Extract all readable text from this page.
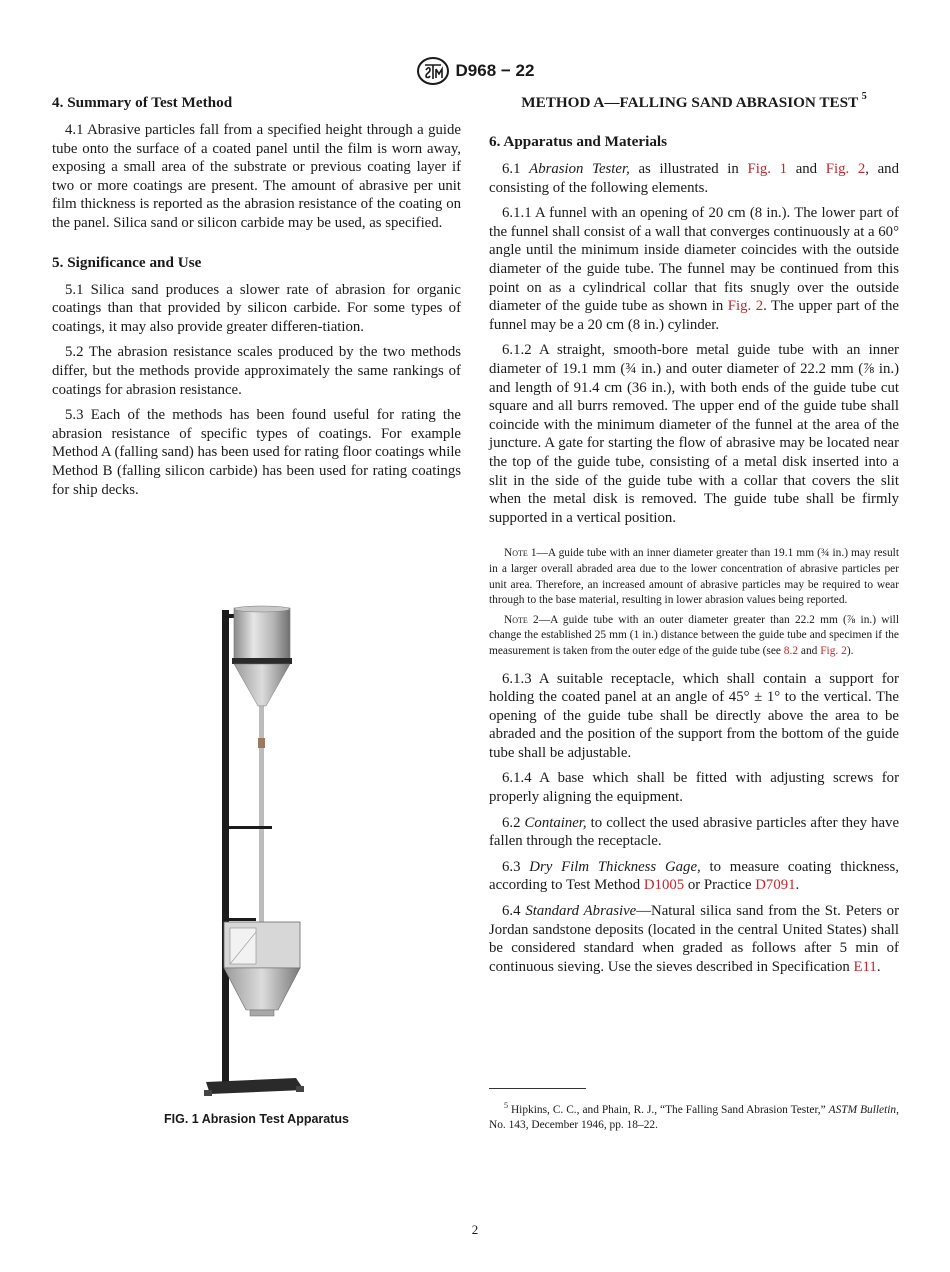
D968 − 22
4. Summary of Test Method

4.1 Abrasive particles fall from a specified height through a guide tube onto the surface of a coated panel until the film is worn away, exposing a small area of the substrate or previous coating layer if two or more coatings are present. The amount of abrasive per unit film thickness is reported as the abrasion resistance of the coating on the panel. Silica sand or silicon carbide may be used, as specified.

5. Significance and Use

5.1 Silica sand produces a slower rate of abrasion for organic coatings than that provided by silicon carbide. For some types of coatings, it may also provide greater differen-tiation.

5.2 The abrasion resistance scales produced by the two methods differ, but the methods provide approximately the same rankings of coatings for abrasion resistance.

5.3 Each of the methods has been found useful for rating the abrasion resistance of specific types of coatings. For example Method A (falling sand) has been used for rating floor coatings while Method B (falling silicon carbide) has been used for rating coatings for ship decks.

FIG. 1 Abrasion Test Apparatus
METHOD A—FALLING SAND ABRASION TEST $^5$
6. Apparatus and Materials

6.1 Abrasion Tester, as illustrated in Fig. 1 and Fig. 2, and consisting of the following elements.

6.1.1 A funnel with an opening of 20 cm (8 in.). The lower part of the funnel shall consist of a wall that converges continuously at a 60° angle until the minimum inside diameter coincides with the outside diameter of the guide tube. The funnel may be continued from this point on as a cylindrical collar that fits snugly over the outside diameter of the guide tube as shown in Fig. 2. The upper part of the funnel may be a 20 cm (8 in.) cylinder.

6.1.2 A straight, smooth-bore metal guide tube with an inner diameter of 19.1 mm (¾ in.) and outer diameter of 22.2 mm (⅞ in.) and length of 91.4 cm (36 in.), with both ends of the guide tube cut square and all burrs removed. The upper end of the guide tube shall coincide with the minimum diameter of the funnel at the area of the juncture. A gate for starting the flow of abrasive may be located near the top of the guide tube, consisting of a metal disk inserted into a slit in the side of the guide tube with a collar that covers the slit when the metal disk is removed. The guide tube shall be firmly supported in a vertical position.

Note 1—A guide tube with an inner diameter greater than 19.1 mm (¾ in.) may result in a larger overall abraded area due to the lower concentration of abrasive particles per unit area. Therefore, an increased amount of abrasive particles may be required to wear through to the base material, resulting in lower abrasion values being reported.

Note 2—A guide tube with an outer diameter greater than 22.2 mm (⅞ in.) will change the established 25 mm (1 in.) distance between the guide tube and specimen if the measurement is taken from the outer edge of the guide tube (see 8.2 and Fig. 2).

6.1.3 A suitable receptacle, which shall contain a support for holding the coated panel at an angle of 45° ± 1° to the vertical. The opening of the guide tube shall be directly above the area to be abraded and the position of the support from the bottom of the guide tube shall be adjustable.

6.1.4 A base which shall be fitted with adjusting screws for properly aligning the equipment.

6.2 Container, to collect the used abrasive particles after they have fallen through the receptacle.

6.3 Dry Film Thickness Gage, to measure coating thickness, according to Test Method D1005 or Practice D7091.

6.4 Standard Abrasive—Natural silica sand from the St. Peters or Jordan sandstone deposits (located in the central United States) shall be considered standard when graded as follows after 5 min of continuous sieving. Use the sieves described in Specification E11.

$^5$ Hipkins, C. C., and Phain, R. J., “The Falling Sand Abrasion Tester,” ASTM Bulletin, No. 143, December 1946, pp. 18–22.

2
